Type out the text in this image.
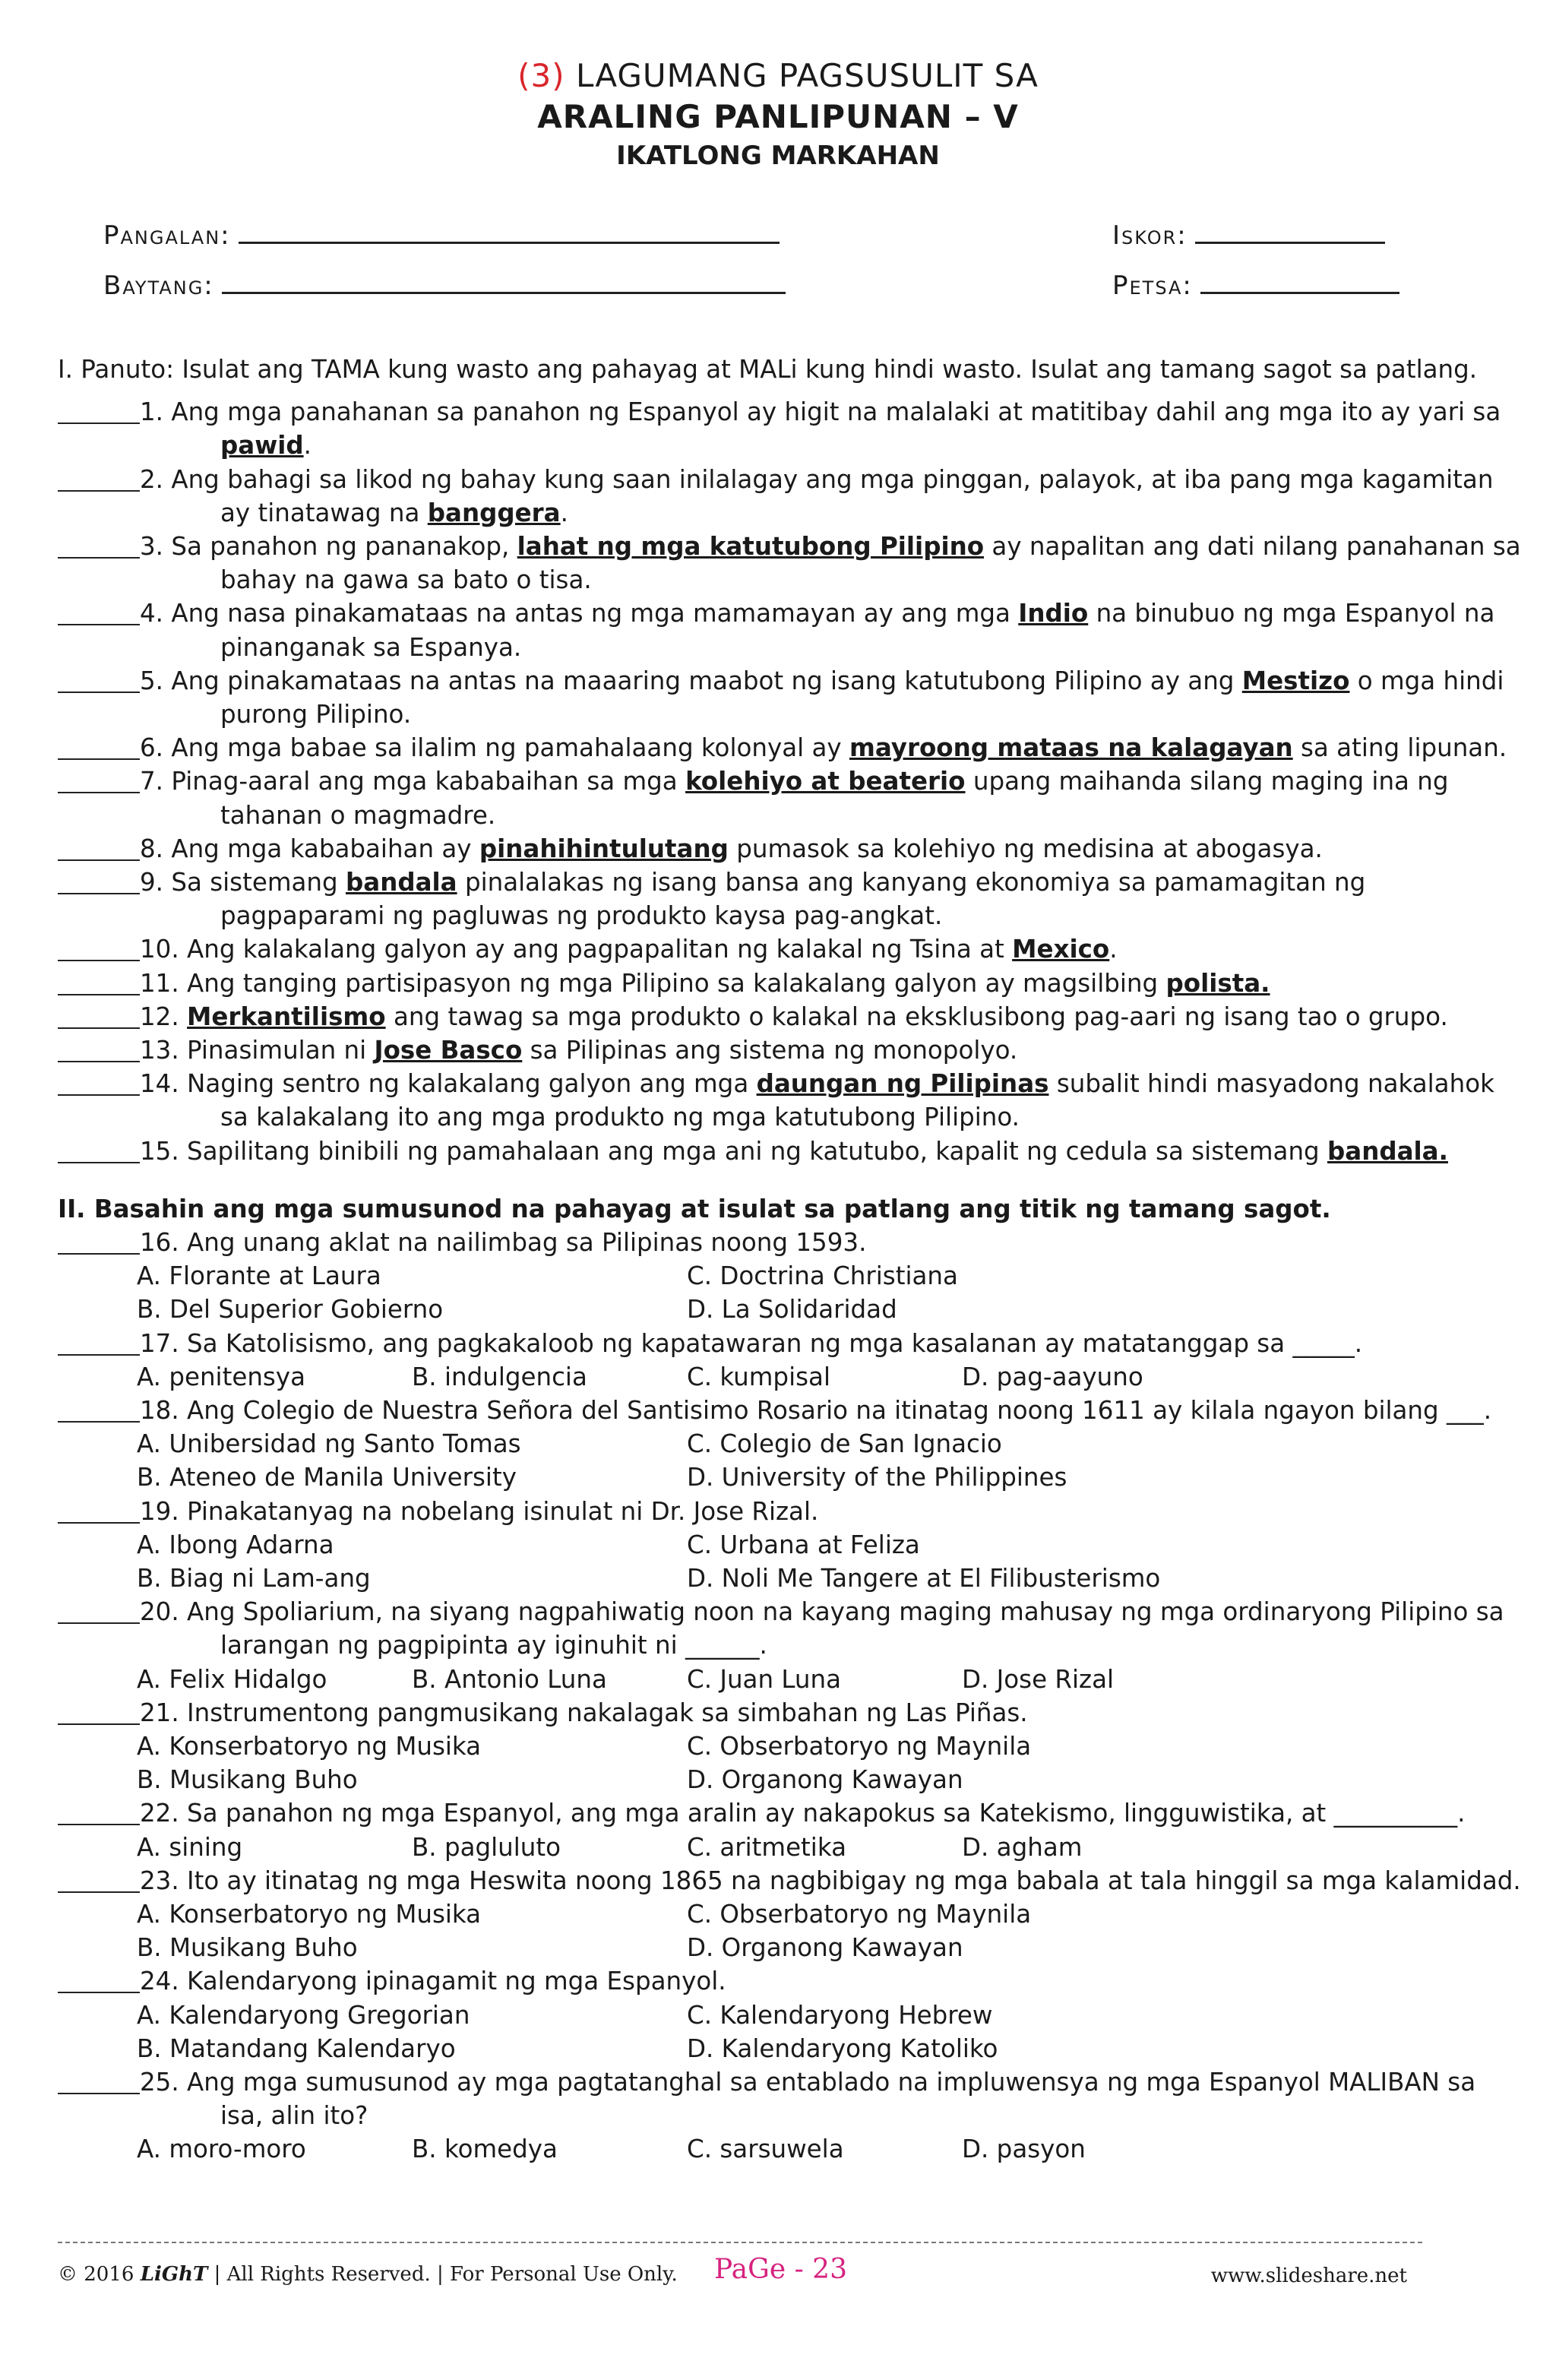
(3) LAGUMANG PAGSUSULIT SA
ARALING PANLIPUNAN – V
IKATLONG MARKAHAN
Pangalan:
Baytang:
Iskor:
Petsa:
I. Panuto: Isulat ang TAMA kung wasto ang pahayag at MALi kung hindi wasto. Isulat ang tamang sagot sa patlang.
1. Ang mga panahanan sa panahon ng Espanyol ay higit na malalaki at matitibay dahil ang mga ito ay yari sa pawid.
2. Ang bahagi sa likod ng bahay kung saan inilalagay ang mga pinggan, palayok, at iba pang mga kagamitan ay tinatawag na banggera.
3. Sa panahon ng pananakop, lahat ng mga katutubong Pilipino ay napalitan ang dati nilang panahanan sa bahay na gawa sa bato o tisa.
4. Ang nasa pinakamataas na antas ng mga mamamayan ay ang mga Indio na binubuo ng mga Espanyol na pinanganak sa Espanya.
5. Ang pinakamataas na antas na maaaring maabot ng isang katutubong Pilipino ay ang Mestizo o mga hindi purong Pilipino.
6. Ang mga babae sa ilalim ng pamahalaang kolonyal ay mayroong mataas na kalagayan sa ating lipunan.
7. Pinag-aaral ang mga kababaihan sa mga kolehiyo at beaterio upang maihanda silang maging ina ng tahanan o magmadre.
8. Ang mga kababaihan ay pinahihintulutang pumasok sa kolehiyo ng medisina at abogasya.
9. Sa sistemang bandala pinalalakas ng isang bansa ang kanyang ekonomiya sa pamamagitan ng pagpaparami ng pagluwas ng produkto kaysa pag-angkat.
10. Ang kalakalang galyon ay ang pagpapalitan ng kalakal ng Tsina at Mexico.
11. Ang tanging partisipasyon ng mga Pilipino sa kalakalang galyon ay magsilbing polista.
12. Merkantilismo ang tawag sa mga produkto o kalakal na eksklusibong pag-aari ng isang tao o grupo.
13. Pinasimulan ni Jose Basco sa Pilipinas ang sistema ng monopolyo.
14. Naging sentro ng kalakalang galyon ang mga daungan ng Pilipinas subalit hindi masyadong nakalahok sa kalakalang ito ang mga produkto ng mga katutubong Pilipino.
15. Sapilitang binibili ng pamahalaan ang mga ani ng katutubo, kapalit ng cedula sa sistemang bandala.
II. Basahin ang mga sumusunod na pahayag at isulat sa patlang ang titik ng tamang sagot.
16. Ang unang aklat na nailimbag sa Pilipinas noong 1593.
A. Florante at Laura	C. Doctrina Christiana
B. Del Superior Gobierno	D. La Solidaridad
17. Sa Katolisismo, ang pagkakaloob ng kapatawaran ng mga kasalanan ay matatanggap sa _____.
A. penitensya	B. indulgencia	C. kumpisal	D. pag-aayuno
18. Ang Colegio de Nuestra Señora del Santisimo Rosario na itinatag noong 1611 ay kilala ngayon bilang ___.
A. Unibersidad ng Santo Tomas	C. Colegio de San Ignacio
B. Ateneo de Manila University	D. University of the Philippines
19. Pinakatanyag na nobelang isinulat ni Dr. Jose Rizal.
A. Ibong Adarna	C. Urbana at Feliza
B. Biag ni Lam-ang	D. Noli Me Tangere at El Filibusterismo
20. Ang Spoliarium, na siyang nagpahiwatig noon na kayang maging mahusay ng mga ordinaryong Pilipino sa larangan ng pagpipinta ay iginuhit ni ______.
A. Felix Hidalgo	B. Antonio Luna	C. Juan Luna	D. Jose Rizal
21. Instrumentong pangmusikang nakalagak sa simbahan ng Las Piñas.
A. Konserbatoryo ng Musika	C. Obserbatoryo ng Maynila
B. Musikang Buho	D. Organong Kawayan
22. Sa panahon ng mga Espanyol, ang mga aralin ay nakapokus sa Katekismo, lingguwistika, at __________.
A. sining	B. pagluluto	C. aritmetika	D. agham
23. Ito ay itinatag ng mga Heswita noong 1865 na nagbibigay ng mga babala at tala hinggil sa mga kalamidad.
A. Konserbatoryo ng Musika	C. Obserbatoryo ng Maynila
B. Musikang Buho	D. Organong Kawayan
24. Kalendaryong ipinagamit ng mga Espanyol.
A. Kalendaryong Gregorian	C. Kalendaryong Hebrew
B. Matandang Kalendaryo	D. Kalendaryong Katoliko
25. Ang mga sumusunod ay mga pagtatanghal sa entablado na impluwensya ng mga Espanyol MALIBAN sa isa, alin ito?
A. moro-moro	B. komedya	C. sarsuwela	D. pasyon
© 2016 LiGhT | All Rights Reserved. | For Personal Use Only. PaGe - 23	www.slideshare.net
